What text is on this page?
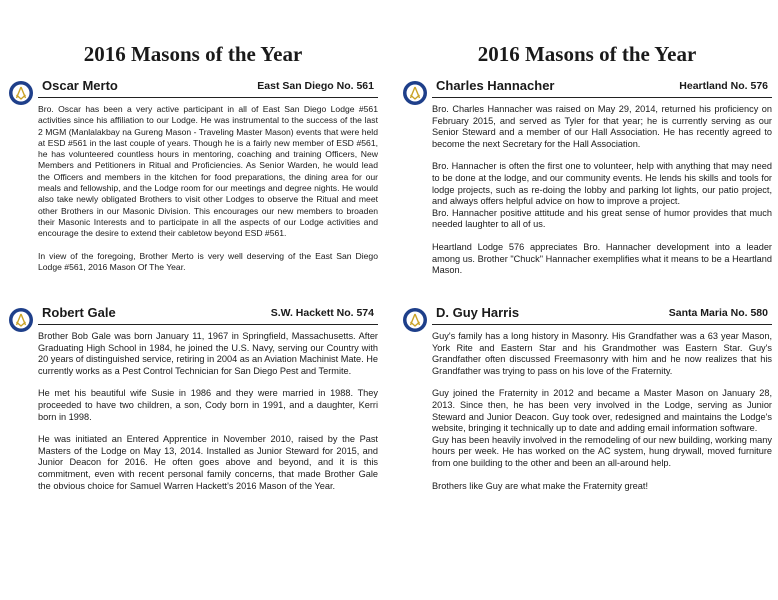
2016 Masons of the Year
Oscar Merto	East San Diego No. 561

Bro. Oscar has been a very active participant in all of East San Diego Lodge #561 activities since his affiliation to our Lodge. He was instrumental to the success of the last 2 MGM (Manlalakbay na Gureng Mason - Traveling Master Mason) events that were held at ESD #561 in the last couple of years. Though he is a fairly new member of ESD #561, he has volunteered countless hours in mentoring, coaching and training Officers, New Members and Petitioners in Ritual and Proficiencies. As Senior Warden, he would lead the Officers and members in the kitchen for food preparations, the dining area for our meals and fellowship, and the Lodge room for our meetings and degree nights. He would also take newly obligated Brothers to visit other Lodges to observe the Ritual and meet other Brothers in our Masonic Division. This encourages our new members to broaden their Masonic Interests and to participate in all the aspects of our Lodge activities and encourage the desire to extend their cabletow beyond ESD #561.

In view of the foregoing, Brother Merto is very well deserving of the East San Diego Lodge #561, 2016 Mason Of The Year.

Robert Gale	S.W. Hackett No. 574

Brother Bob Gale was born January 11, 1967 in Springfield, Massachusetts. After Graduating High School in 1984, he joined the U.S. Navy, serving our Country with 20 years of distinguished service, retiring in 2004 as an Aviation Machinist Mate. He currently works as a Pest Control Technician for San Diego Pest and Termite.

He met his beautiful wife Susie in 1986 and they were married in 1988. They proceeded to have two children, a son, Cody born in 1991, and a daughter, Kerri born in 1998.

He was initiated an Entered Apprentice in November 2010, raised by the Past Masters of the Lodge on May 13, 2014. Installed as Junior Steward for 2015, and Junior Deacon for 2016. He often goes above and beyond, and it is this commitment, even with recent personal family concerns, that made Brother Gale the obvious choice for Samuel Warren Hackett's 2016 Mason of the Year.

2016 Masons of the Year
Charles Hannacher	Heartland No. 576

Bro. Charles Hannacher was raised on May 29, 2014, returned his proficiency on February 2015, and served as Tyler for that year; he is currently serving as our Senior Steward and a member of our Hall Association. He has recently agreed to become the next Secretary for the Hall Association.

Bro. Hannacher is often the first one to volunteer, help with anything that may need to be done at the lodge, and our community events. He lends his skills and tools for lodge projects, such as re-doing the lobby and parking lot lights, our patio project, and always offers helpful advice on how to improve a project.

Bro. Hannacher positive attitude and his great sense of humor provides that much needed laughter to all of us.

Heartland Lodge 576 appreciates Bro. Hannacher development into a leader among us. Brother "Chuck" Hannacher exemplifies what it means to be a Heartland Mason.

D. Guy Harris	Santa Maria No. 580

Guy's family has a long history in Masonry. His Grandfather was a 63 year Mason, York Rite and Eastern Star and his Grandmother was Eastern Star. Guy's Grandfather often discussed Freemasonry with him and he now realizes that his Grandfather was trying to pass on his love of the Fraternity.

Guy joined the Fraternity in 2012 and became a Master Mason on January 28, 2013. Since then, he has been very involved in the Lodge, serving as Junior Steward and Junior Deacon. Guy took over, redesigned and maintains the Lodge's website, bringing it technically up to date and adding email information software.

Guy has been heavily involved in the remodeling of our new building, working many hours per week. He has worked on the AC system, hung drywall, moved furniture from one building to the other and been an all-around help.

Brothers like Guy are what make the Fraternity great!
